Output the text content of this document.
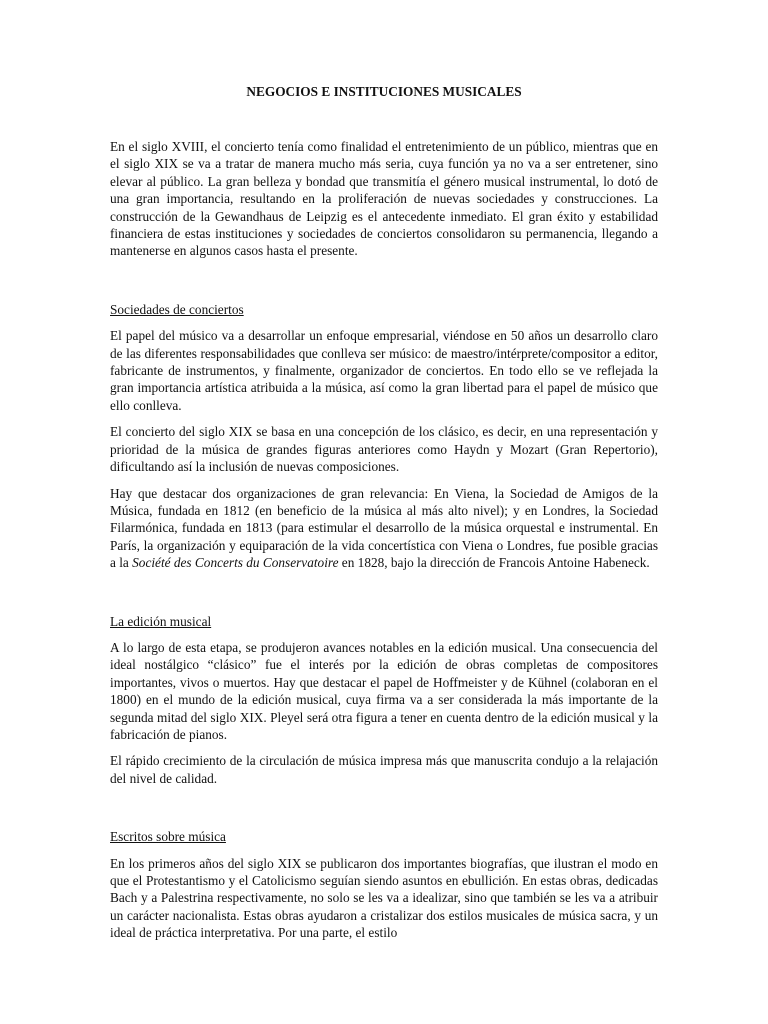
NEGOCIOS E INSTITUCIONES MUSICALES

En el siglo XVIII, el concierto tenía como finalidad el entretenimiento de un público, mientras que en el siglo XIX se va a tratar de manera mucho más seria, cuya función ya no va a ser entretener, sino elevar al público. La gran belleza y bondad que transmitía el género musical instrumental, lo dotó de una gran importancia, resultando en la proliferación de nuevas sociedades y construcciones. La construcción de la Gewandhaus de Leipzig es el antecedente inmediato. El gran éxito y estabilidad financiera de estas instituciones y sociedades de conciertos consolidaron su permanencia, llegando a mantenerse en algunos casos hasta el presente.

Sociedades de conciertos

El papel del músico va a desarrollar un enfoque empresarial, viéndose en 50 años un desarrollo claro de las diferentes responsabilidades que conlleva ser músico: de maestro/intérprete/compositor a editor, fabricante de instrumentos, y finalmente, organizador de conciertos. En todo ello se ve reflejada la gran importancia artística atribuida a la música, así como la gran libertad para el papel de músico que ello conlleva.

El concierto del siglo XIX se basa en una concepción de los clásico, es decir, en una representación y prioridad de la música de grandes figuras anteriores como Haydn y Mozart (Gran Repertorio), dificultando así la inclusión de nuevas composiciones.

Hay que destacar dos organizaciones de gran relevancia: En Viena, la Sociedad de Amigos de la Música, fundada en 1812 (en beneficio de la música al más alto nivel); y en Londres, la Sociedad Filarmónica, fundada en 1813 (para estimular el desarrollo de la música orquestal e instrumental. En París, la organización y equiparación de la vida concertística con Viena o Londres, fue posible gracias a la Société des Concerts du Conservatoire en 1828, bajo la dirección de Francois Antoine Habeneck.

La edición musical

A lo largo de esta etapa, se produjeron avances notables en la edición musical. Una consecuencia del ideal nostálgico “clásico” fue el interés por la edición de obras completas de compositores importantes, vivos o muertos. Hay que destacar el papel de Hoffmeister y de Kühnel (colaboran en el 1800) en el mundo de la edición musical, cuya firma va a ser considerada la más importante de la segunda mitad del siglo XIX. Pleyel será otra figura a tener en cuenta dentro de la edición musical y la fabricación de pianos.

El rápido crecimiento de la circulación de música impresa más que manuscrita condujo a la relajación del nivel de calidad.

Escritos sobre música

En los primeros años del siglo XIX se publicaron dos importantes biografías, que ilustran el modo en que el Protestantismo y el Catolicismo seguían siendo asuntos en ebullición. En estas obras, dedicadas Bach y a Palestrina respectivamente, no solo se les va a idealizar, sino que también se les va a atribuir un carácter nacionalista. Estas obras ayudaron a cristalizar dos estilos musicales de música sacra, y un ideal de práctica interpretativa. Por una parte, el estilo
